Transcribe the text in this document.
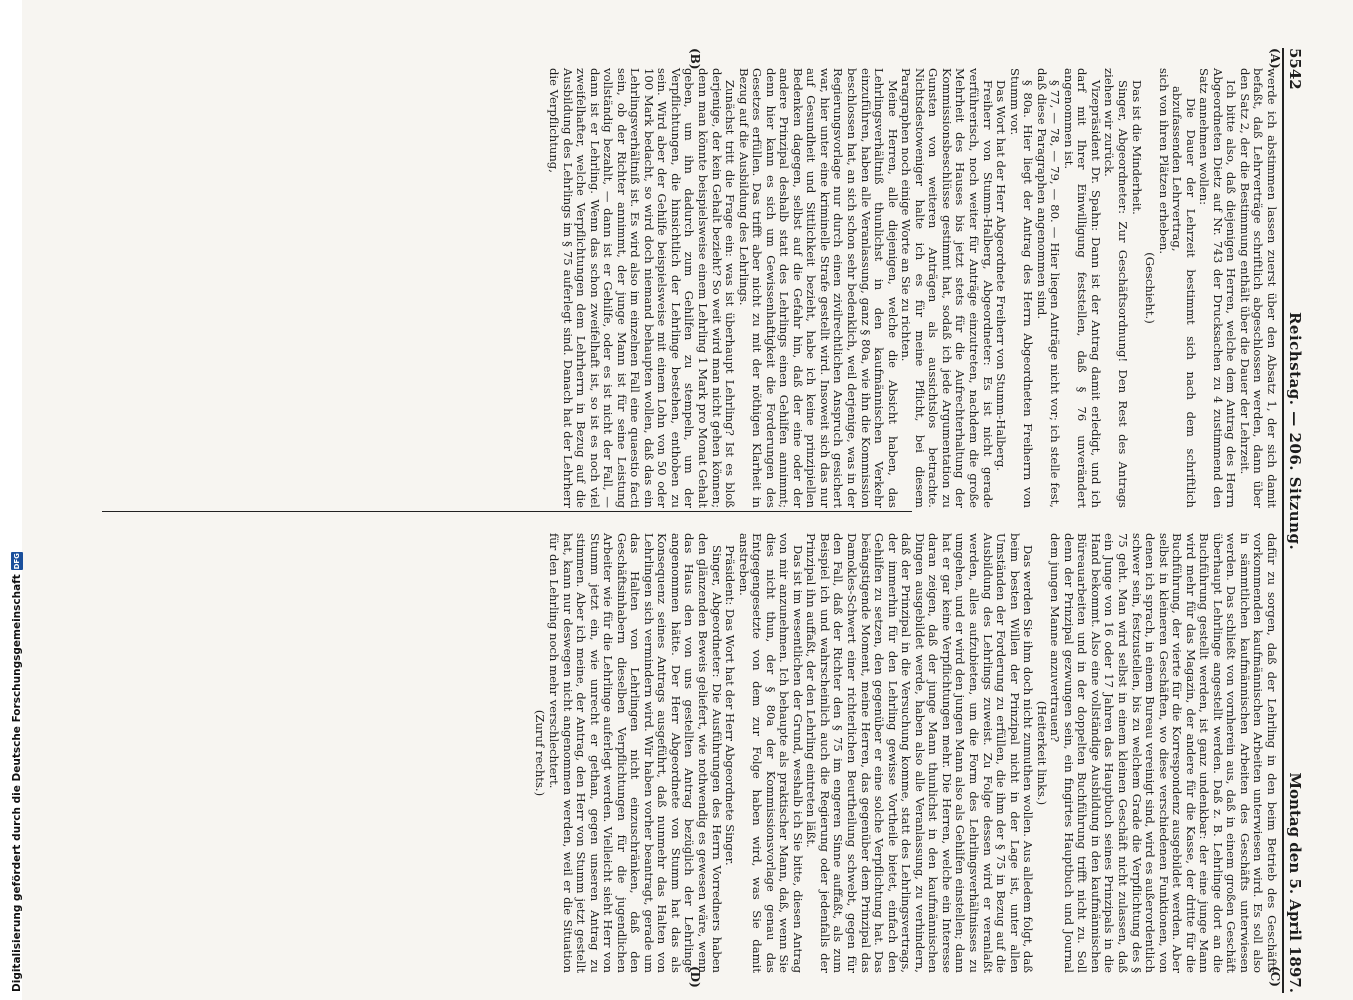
Digitalisierung gefördert durch die Deutsche Forschungsgemeinschaft
DFG
5542
Reichstag. — 206. Sitzung.
Montag den 5. April 1897.
(A)
(B)
(C)
(D)

werde ich abstimmen lassen zuerst über den Absatz 1, der sich damit befaßt, daß Lehrverträge schriftlich abgeschlossen werden, dann über den Satz 2, der die Bestimmung enthält über die Dauer der Lehrzeit.

Ich bitte also, daß diejenigen Herren, welche dem Antrag des Herrn Abgeordneten Dietz auf Nr. 743 der Drucksachen zu 4 zustimmend den Satz annehmen wollen:

Die Dauer der Lehrzeit bestimmt sich nach dem schriftlich abzufassenden Lehrvertrag,

sich von ihren Plätzen erheben.

(Geschieht.)

Das ist die Minderheit.

Singer, Abgeordneter: Zur Geschäftsordnung! Den Rest des Antrags ziehen wir zurück.

Vizepräsident Dr. Spahn: Dann ist der Antrag damit erledigt, und ich darf mit Ihrer Einwilligung feststellen, daß § 76 unverändert angenommen ist.

§ 77, — 78, — 79, — 80. — Hier liegen Anträge nicht vor; ich stelle fest, daß diese Paragraphen angenommen sind.

§ 80a. Hier liegt der Antrag des Herrn Abgeordneten Freiherrn von Stumm vor.

Das Wort hat der Herr Abgeordnete Freiherr von Stumm-Halberg.

Freiherr von Stumm-Halberg, Abgeordneter: Es ist nicht gerade verführerisch, noch weiter für Anträge einzutreten, nachdem die große Mehrheit des Hauses bis jetzt stets für die Aufrechterhaltung der Kommissionsbeschlüsse gestimmt hat, sodaß ich jede Argumentation zu Gunsten von weiteren Anträgen als aussichtslos betrachte. Nichtsdestoweniger halte ich es für meine Pflicht, bei diesem Paragraphen noch einige Worte an Sie zu richten.

Meine Herren, alle diejenigen, welche die Absicht haben, das Lehrlingsverhältniß thunlichst in den kaufmännischen Verkehr einzuführen, haben alle Veranlassung, ganz § 80a, wie ihn die Kommission beschlossen hat, an sich schon sehr bedenklich, weil derjenige, was in der Regierungsvorlage nur durch einen zivilrechtlichen Anspruch gesichert war, hier unter eine kriminelle Strafe gestellt wird. Insoweit sich das nur auf Gesundheit und Sittlichkeit bezieht, habe ich keine prinzipiellen Bedenken dagegen, selbst auf die Gefahr hin, daß der eine oder der andere Prinzipal deshalb statt des Lehrlings einen Gehilfen annimmt; denn hier kann es sich um Gewissenhaftigkeit die Forderungen des Gesetzes erfüllen. Das trifft aber nicht zu mit der nöthigen Klarheit in Bezug auf die Ausbildung des Lehrlings.

Zunächst tritt die Frage ein: was ist überhaupt Lehrling? Ist es bloß derjenige, der kein Gehalt bezieht? So weit wird man nicht gehen können; denn man könnte beispielsweise einem Lehrling 1 Mark pro Monat Gehalt geben, um ihn dadurch zum Gehilfen zu stempeln, um der Verpflichtungen, die hinsichtlich der Lehrlinge bestehen, enthoben zu sein. Wird aber der Gehilfe beispielsweise mit einem Lohn von 50 oder 100 Mark bedacht, so wird doch niemand behaupten wollen, daß das ein Lehrlingsverhältniß ist. Es wird also im einzelnen Fall eine quaestio facti sein, ob der Richter annimmt, der junge Mann ist für seine Leistung vollständig bezahlt, — dann ist er Gehilfe, oder es ist nicht der Fall, — dann ist er Lehrling. Wenn das schon zweifelhaft ist, so ist es noch viel zweifelhafter, welche Verpflichtungen dem Lehrherrn in Bezug auf die Ausbildung des Lehrlings im § 75 auferlegt sind. Danach hat der Lehrherr die Verpflichtung,

dafür zu sorgen, daß der Lehrling in den beim Betrieb des Geschäfts vorkommenden kaufmännischen Arbeiten unterwiesen wird. Es soll also in sämmtlichen kaufmännischen Arbeiten des Geschäfts unterwiesen werden. Das schließt von vornherein aus, daß in einem großen Geschäft überhaupt Lehrlinge angestellt werden. Daß z. B. Lehrlinge dort an die Buchführung gestellt werden, ist ganz undenkbar: der eine junge Mann wird mehr für das Magazin, der andere für die Kasse, der dritte für die Buchführung, der vierte für die Korrespondenz ausgebildet werden. Aber selbst in kleineren Geschäften, wo diese verschiedenen Funktionen, von denen ich sprach, in einem Bureau vereinigt sind, wird es außerordentlich schwer sein, festzustellen, bis zu welchem Grade die Verpflichtung des § 75 geht. Man wird selbst in einem kleinen Geschäft nicht zulassen, daß ein Junge von 16 oder 17 Jahren das Hauptbuch seines Prinzipals in die Hand bekommt. Also eine vollständige Ausbildung in den kaufmännischen Büreauarbeiten und in der doppelten Buchführung trifft nicht zu. Soll denn der Prinzipal gezwungen sein, ein fingirtes Hauptbuch und Journal dem jungen Manne anzuvertrauen?

(Heiterkeit links.)

Das werden Sie ihm doch nicht zumuthen wollen. Aus alledem folgt, daß beim besten Willen der Prinzipal nicht in der Lage ist, unter allen Umständen der Forderung zu erfüllen, die ihm der § 75 in Bezug auf die Ausbildung des Lehrlings zuweist. Zu Folge dessen wird er veranlaßt werden, alles aufzubieten, um die Form des Lehrlingsverhältnisses zu umgehen, und er wird den jungen Mann also als Gehilfen einstellen; dann hat er gar keine Verpflichtungen mehr. Die Herren, welche ein Interesse daran zeigen, daß der junge Mann thunlichst in den kaufmännischen Dingen ausgebildet werde, haben also alle Veranlassung, zu verhindern, daß der Prinzipal in die Versuchung komme, statt des Lehrlingsvertrags, der immerhin für den Lehrling gewisse Vortheile bietet, einfach den Gehilfen zu setzen, den gegenüber er eine solche Verpflichtung hat. Das beängstigende Moment, meine Herren, das gegenüber dem Prinzipal das Damokles-Schwert einer richterlichen Beurtheilung schwebt, gegen für den Fall, daß der Richter den § 75 im engeren Sinne auffaßt, als zum Beispiel ich und wahrscheinlich auch die Regierung oder jedenfalls der Prinzipal ihn auffaßt, der den Lehrling eintreten läßt.

Das ist im wesentlichen der Grund, weshalb ich Sie bitte, diesen Antrag von mir anzunehmen. Ich behaupte als praktischer Mann, daß, wenn Sie dies nicht thun, der § 80a der Kommissionsvorlage genau das Entgegengesetzte von dem zur Folge haben wird, was Sie damit anstreben.

Präsident: Das Wort hat der Herr Abgeordnete Singer.

Singer, Abgeordneter: Die Ausführungen des Herrn Vorredners haben den glänzenden Beweis geliefert, wie nothwendig es gewesen wäre, wenn das Haus den von uns gestellten Antrag bezüglich der Lehrlinge angenommen hätte. Der Herr Abgeordnete von Stumm hat das als Konsequenz seines Antrags ausgeführt, daß nunmehr das Halten von Lehrlingen sich vermindern wird. Wir haben vorher beantragt, gerade um das Halten von Lehrlingen nicht einzuschränken, daß den Geschäftsinhabern dieselben Verpflichtungen für die jugendlichen Arbeiter wie für die Lehrlinge auferlegt werden. Vielleicht sieht Herr von Stumm jetzt ein, wie unrecht er gethan, gegen unseren Antrag zu stimmen. Aber ich meine, der Antrag, den Herr von Stumm jetzt gestellt hat, kann nur deswegen nicht angenommen werden, weil er die Situation für den Lehrling noch mehr verschlechtert.

(Zuruf rechts.)
